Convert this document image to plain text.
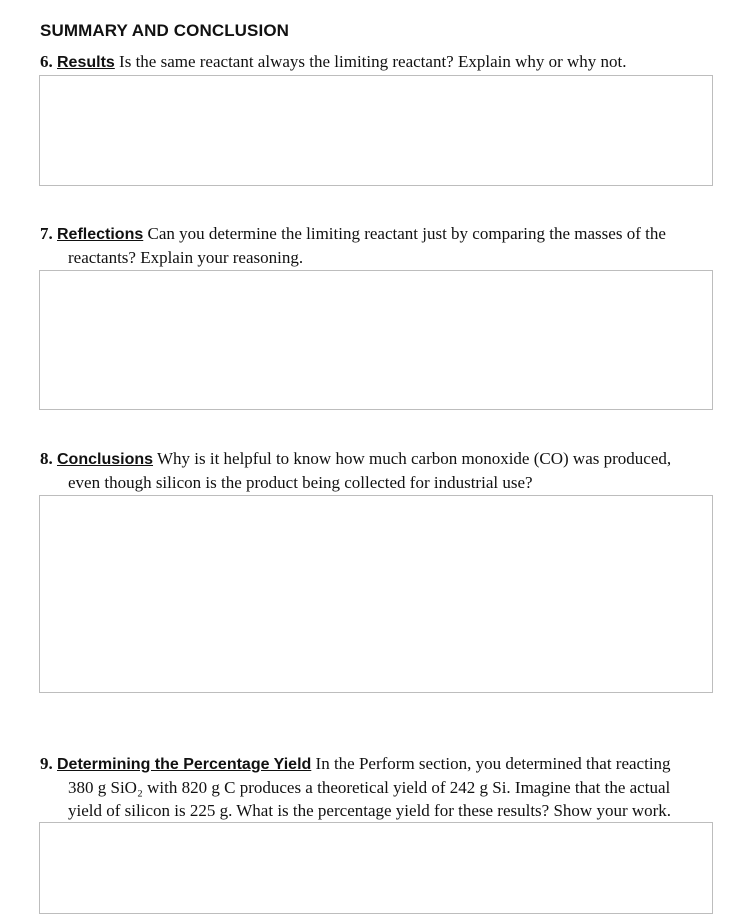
SUMMARY AND CONCLUSION
6. Results Is the same reactant always the limiting reactant? Explain why or why not.
7. Reflections Can you determine the limiting reactant just by comparing the masses of the
reactants? Explain your reasoning.
8. Conclusions Why is it helpful to know how much carbon monoxide (CO) was produced,
even though silicon is the product being collected for industrial use?
9. Determining the Percentage Yield In the Perform section, you determined that reacting
380 g SiO₂ with 820 g C produces a theoretical yield of 242 g Si. Imagine that the actual
yield of silicon is 225 g. What is the percentage yield for these results? Show your work.
